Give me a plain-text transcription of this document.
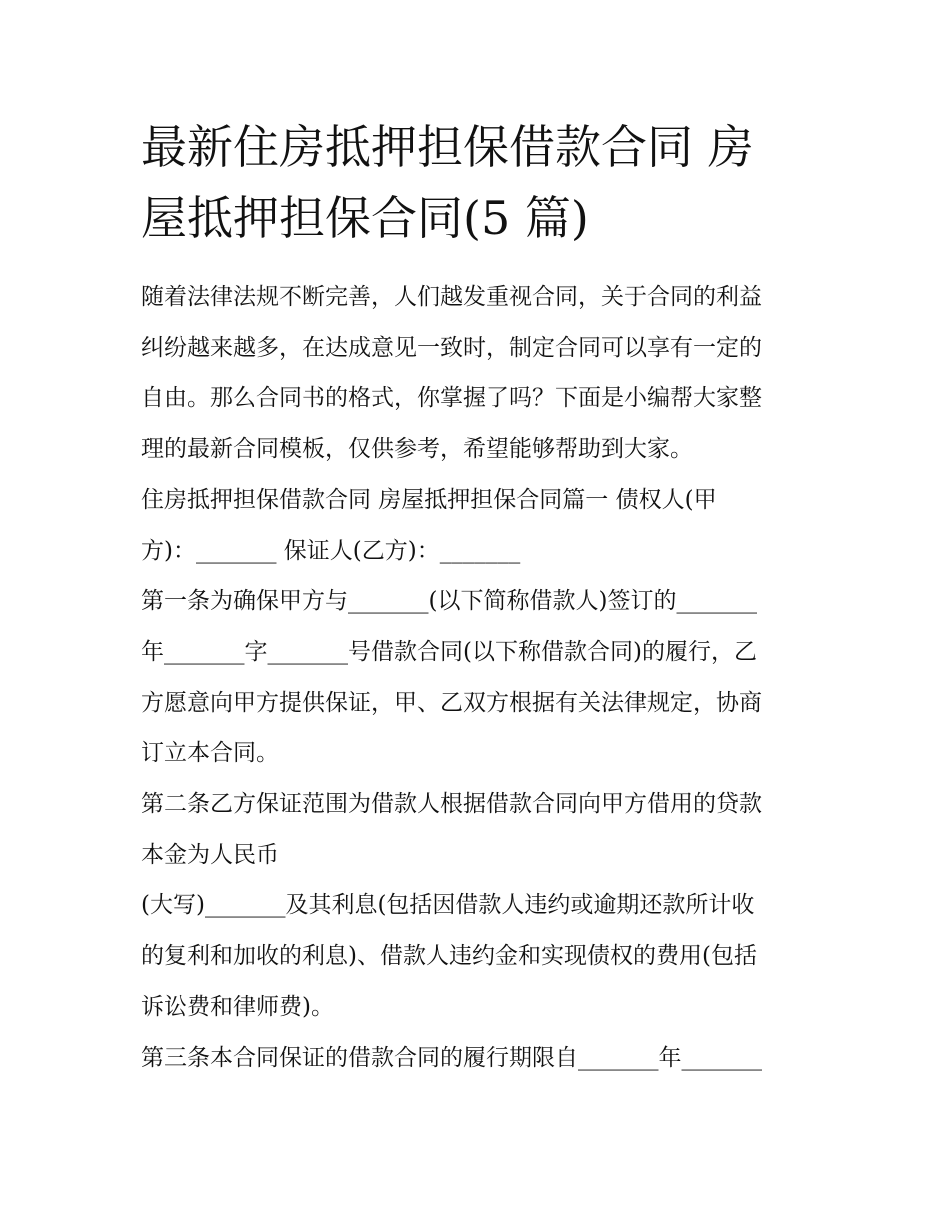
最新住房抵押担保借款合同 房
屋抵押担保合同(5 篇)
随着法律法规不断完善，人们越发重视合同，关于合同的利益
纠纷越来越多，在达成意见一致时，制定合同可以享有一定的
自由。那么合同书的格式，你掌握了吗？下面是小编帮大家整
理的最新合同模板，仅供参考，希望能够帮助到大家。
住房抵押担保借款合同 房屋抵押担保合同篇一 债权人(甲
方)：_______ 保证人(乙方)：_______
第一条为确保甲方与_______(以下简称借款人)签订的_______
年_______字_______号借款合同(以下称借款合同)的履行，乙
方愿意向甲方提供保证，甲、乙双方根据有关法律规定，协商
订立本合同。
第二条乙方保证范围为借款人根据借款合同向甲方借用的贷款
本金为人民币
(大写)_______及其利息(包括因借款人违约或逾期还款所计收
的复利和加收的利息)、借款人违约金和实现债权的费用(包括
诉讼费和律师费)。
第三条本合同保证的借款合同的履行期限自_______年_______
